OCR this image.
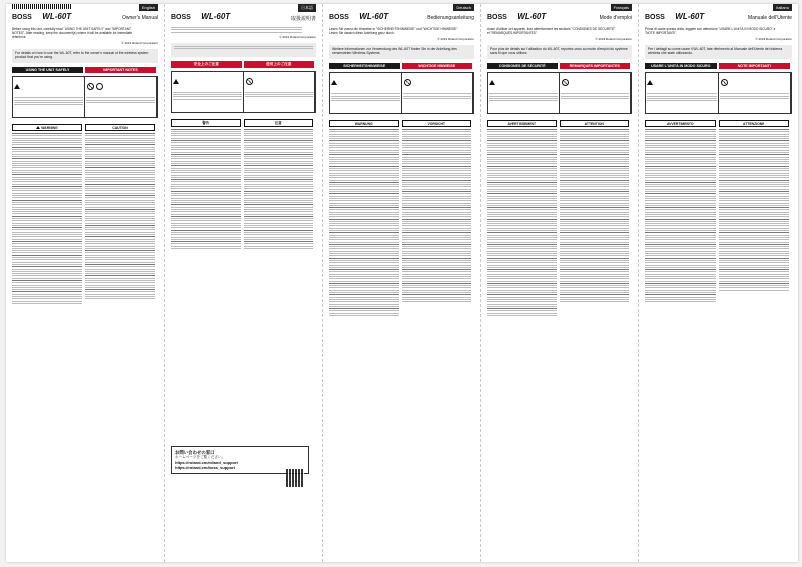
English
BOSS WL-60T	Owner's Manual
Before using this unit, carefully read "USING THE UNIT SAFELY" and "IMPORTANT NOTES". After reading, keep the document(s) where it will be available for immediate reference.
© 2019 Roland Corporation
For details on how to use the WL-60T, refer to the owner's manual of the wireless system product that you're using.
USING THE UNIT SAFELY	IMPORTANT NOTES
WARNING	CAUTION
日本語
BOSS WL-60T	取扱説明書
© 2019 Roland Corporation
安全上のご注意	使用上のご注意
警告	注意
お問い合わせの窓口
ホームページをご覧ください。
https://roland.cm/roland_support
https://roland.cm/boss_support
Deutsch
BOSS WL-60T	Bedienungsanleitung
Lesen Sie zuerst die Hinweise in "SICHERHEITSHINWEISE" und "WICHTIGE HINWEISE". Lesen Sie danach diese Anleitung ganz durch.
© 2019 Roland Corporation
Weitere Informationen zur Verwendung des WL-60T finden Sie in der Anleitung des verwendeten Wireless-Systems.
SICHERHEITSHINWEISE	WICHTIGE HINWEISE
WARNUNG	VORSICHT
Français
BOSS WL-60T	Mode d'emploi
Avant d'utiliser cet appareil, lisez attentivement les sections "CONSIGNES DE SÉCURITÉ" et "REMARQUES IMPORTANTES".
© 2019 Roland Corporation
Pour plus de détails sur l'utilisation du WL-60T, reportez-vous au mode d'emploi du système sans fil que vous utilisez.
CONSIGNES DE SÉCURITÉ	REMARQUES IMPORTANTES
AVERTISSEMENT	ATTENTION
Italiano
BOSS WL-60T	Manuale dell'Utente
Prima di usare questa unità, leggete con attenzione "USARE L'UNITÀ IN MODO SICURO" e "NOTE IMPORTANTI".
© 2019 Roland Corporation
Per i dettagli su come usare il WL-60T, fate riferimento al Manuale dell'Utente del sistema wireless che state utilizzando.
USARE L'UNITÀ IN MODO SICURO	NOTE IMPORTANTI
AVVERTIMENTO	ATTENZIONE
